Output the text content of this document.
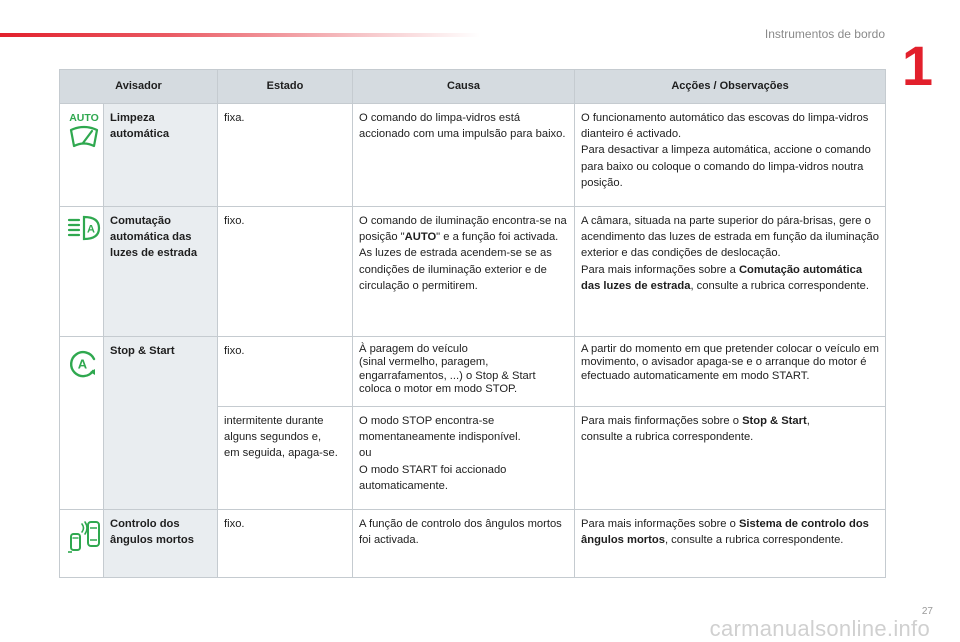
Instrumentos de bordo 1
Avisador		Estado	Causa	Acções / Observações

AUTO	Limpeza automática	fixa.	O comando do limpa-vidros está accionado com uma impulsão para baixo.	O funcionamento automático das escovas do limpa-vidros dianteiro é activado.
Para desactivar a limpeza automática, accione o comando para baixo ou coloque o comando do limpa-vidros noutra posição.

A	Comutação automática das luzes de estrada	fixo.	O comando de iluminação encontra-se na posição "AUTO" e a função foi activada.
As luzes de estrada acendem-se se as condições de iluminação exterior e de circulação o permitirem.	A câmara, situada na parte superior do pára-brisas, gere o acendimento das luzes de estrada em função da iluminação exterior e das condições de deslocação.
Para mais informações sobre a Comutação automática das luzes de estrada, consulte a rubrica correspondente.

A	Stop & Start	fixo.	À paragem do veículo
(sinal vermelho, paragem, engarrafamentos, ...) o Stop & Start coloca o motor em modo STOP.	A partir do momento em que pretender colocar o veículo em movimento, o avisador apaga-se e o arranque do motor é efectuado automaticamente em modo START.
		intermitente durante alguns segundos e,
em seguida, apaga-se.	O modo STOP encontra-se momentaneamente indisponível.
ou
O modo START foi accionado automaticamente.	Para mais finformações sobre o Stop & Start,
consulte a rubrica correspondente.

Controlo dos ângulos mortos	fixo.	A função de controlo dos ângulos mortos foi activada.	Para mais informações sobre o Sistema de controlo dos ângulos mortos, consulte a rubrica correspondente.
27
carmanualsonline.info
